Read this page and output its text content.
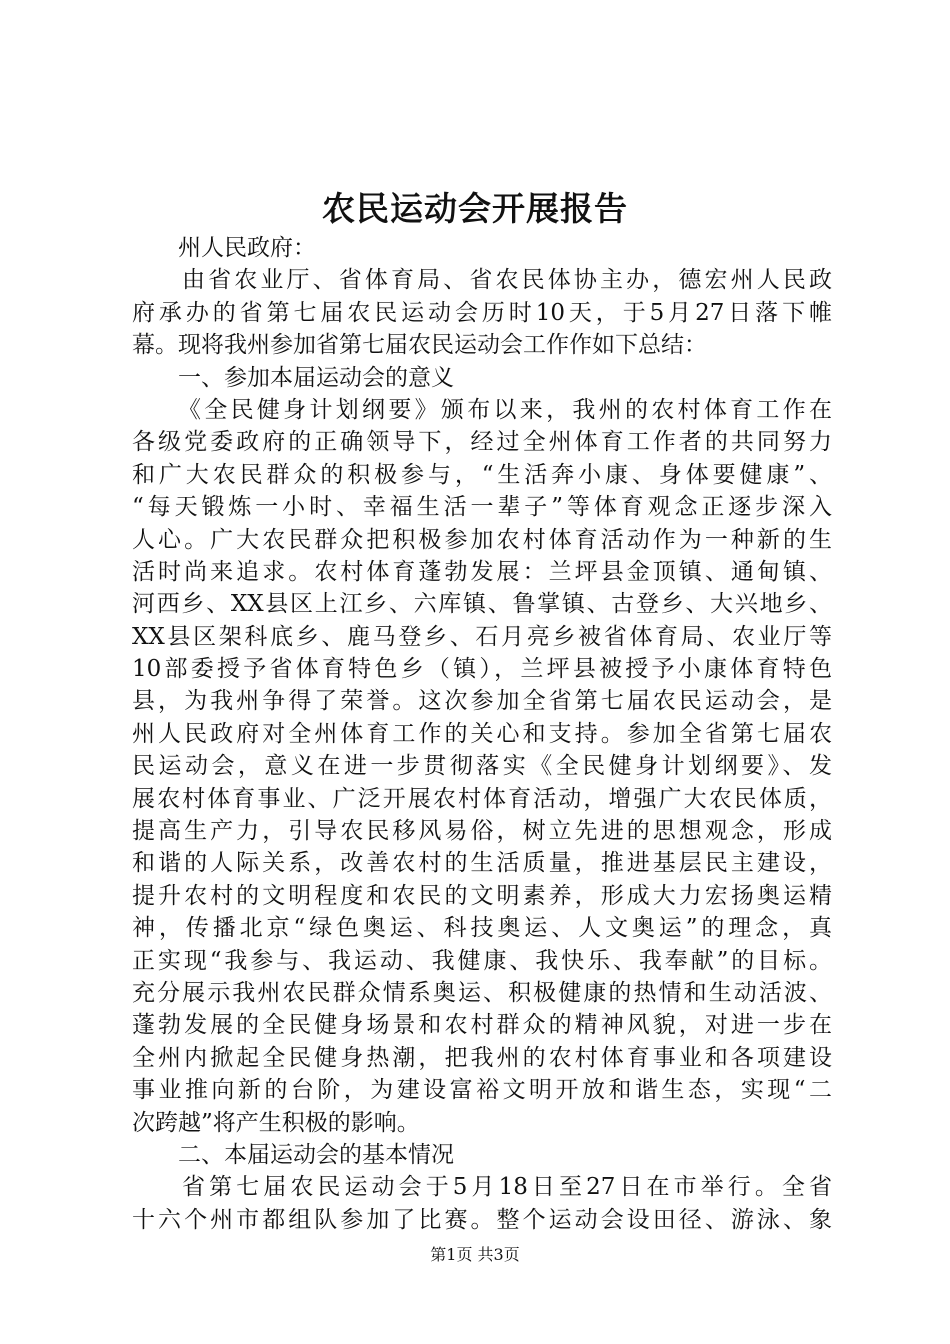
农民运动会开展报告
州人民政府：
由省农业厅、省体育局、省农民体协主办，德宏州人民政
府承办的省第七届农民运动会历时10天，于5月27日落下帷
幕。现将我州参加省第七届农民运动会工作作如下总结：
一、参加本届运动会的意义
《全民健身计划纲要》颁布以来，我州的农村体育工作在
各级党委政府的正确领导下，经过全州体育工作者的共同努力
和广大农民群众的积极参与，“生活奔小康、身体要健康”、
“每天锻炼一小时、幸福生活一辈子”等体育观念正逐步深入
人心。广大农民群众把积极参加农村体育活动作为一种新的生
活时尚来追求。农村体育蓬勃发展：兰坪县金顶镇、通甸镇、
河西乡、XX县区上江乡、六库镇、鲁掌镇、古登乡、大兴地乡、
XX县区架科底乡、鹿马登乡、石月亮乡被省体育局、农业厅等
10部委授予省体育特色乡（镇），兰坪县被授予小康体育特色
县，为我州争得了荣誉。这次参加全省第七届农民运动会，是
州人民政府对全州体育工作的关心和支持。参加全省第七届农
民运动会，意义在进一步贯彻落实《全民健身计划纲要》、发
展农村体育事业、广泛开展农村体育活动，增强广大农民体质，
提高生产力，引导农民移风易俗，树立先进的思想观念，形成
和谐的人际关系，改善农村的生活质量，推进基层民主建设，
提升农村的文明程度和农民的文明素养，形成大力宏扬奥运精
神，传播北京“绿色奥运、科技奥运、人文奥运”的理念，真
正实现“我参与、我运动、我健康、我快乐、我奉献”的目标。
充分展示我州农民群众情系奥运、积极健康的热情和生动活波、
蓬勃发展的全民健身场景和农村群众的精神风貌，对进一步在
全州内掀起全民健身热潮，把我州的农村体育事业和各项建设
事业推向新的台阶，为建设富裕文明开放和谐生态，实现“二
次跨越”将产生积极的影响。
二、本届运动会的基本情况
省第七届农民运动会于5月18日至27日在市举行。全省
十六个州市都组队参加了比赛。整个运动会设田径、游泳、象
第1页 共3页
